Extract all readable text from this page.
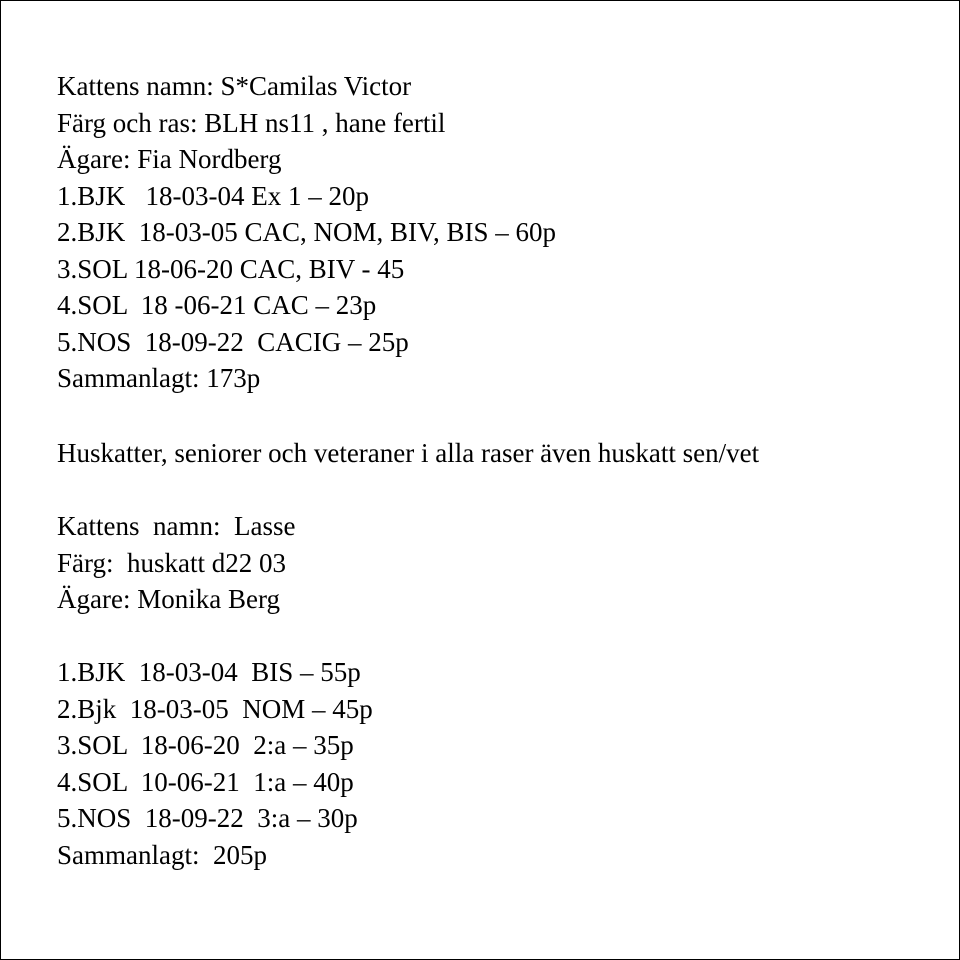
Kattens namn: S*Camilas Victor
Färg och ras: BLH ns11 , hane fertil
Ägare: Fia Nordberg
1.BJK   18-03-04 Ex 1 – 20p
2.BJK  18-03-05 CAC, NOM, BIV, BIS – 60p
3.SOL 18-06-20 CAC, BIV - 45
4.SOL  18 -06-21 CAC – 23p
5.NOS  18-09-22  CACIG – 25p
Sammanlagt: 173p
Huskatter, seniorer och veteraner i alla raser även huskatt sen/vet
Kattens  namn:  Lasse
Färg:  huskatt d22 03
Ägare: Monika Berg
1.BJK  18-03-04  BIS – 55p
2.Bjk  18-03-05  NOM – 45p
3.SOL  18-06-20  2:a – 35p
4.SOL  10-06-21  1:a – 40p
5.NOS  18-09-22  3:a – 30p
Sammanlagt:  205p
